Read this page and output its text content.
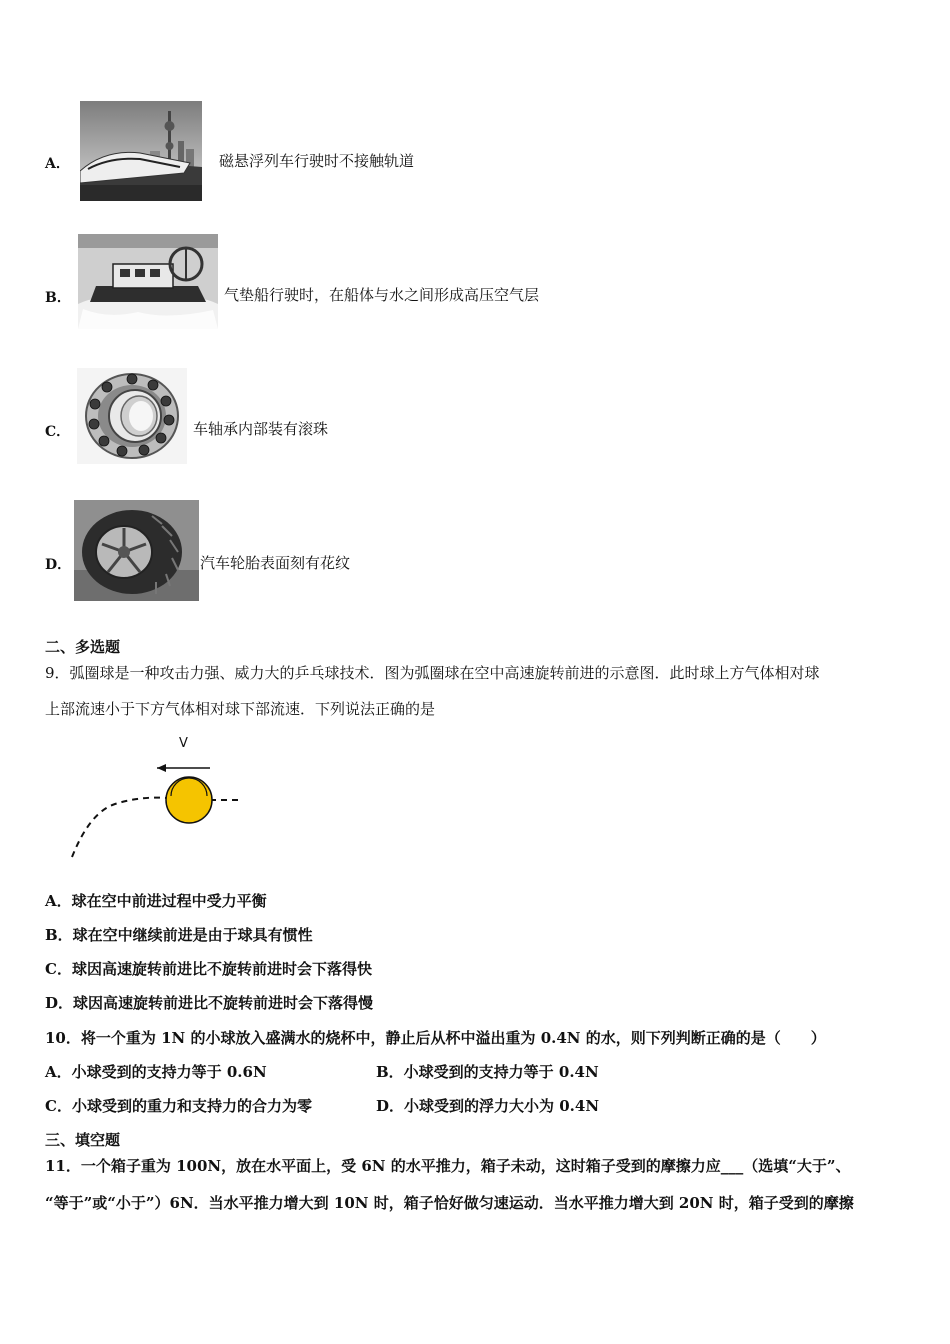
A．	磁悬浮列车行驶时不接触轨道
B．	气垫船行驶时，在船体与水之间形成高压空气层
C．	车轴承内部装有滚珠
D．	汽车轮胎表面刻有花纹
二、多选题
9．弧圈球是一种攻击力强、威力大的乒乓球技术．图为弧圈球在空中高速旋转前进的示意图．此时球上方气体相对球
上部流速小于下方气体相对球下部流速．下列说法正确的是
V
A．球在空中前进过程中受力平衡
B．球在空中继续前进是由于球具有惯性
C．球因高速旋转前进比不旋转前进时会下落得快
D．球因高速旋转前进比不旋转前进时会下落得慢
10．将一个重为 1N 的小球放入盛满水的烧杯中，静止后从杯中溢出重为 0.4N 的水，则下列判断正确的是（　　）
A．小球受到的支持力等于 0.6N	B．小球受到的支持力等于 0.4N
C．小球受到的重力和支持力的合力为零	D．小球受到的浮力大小为 0.4N
三、填空题
11．一个箱子重为 100N，放在水平面上，受 6N 的水平推力，箱子未动，这时箱子受到的摩擦力应___（选填“大于”、
“等于”或“小于”）6N．当水平推力增大到 10N 时，箱子恰好做匀速运动．当水平推力增大到 20N 时，箱子受到的摩擦
